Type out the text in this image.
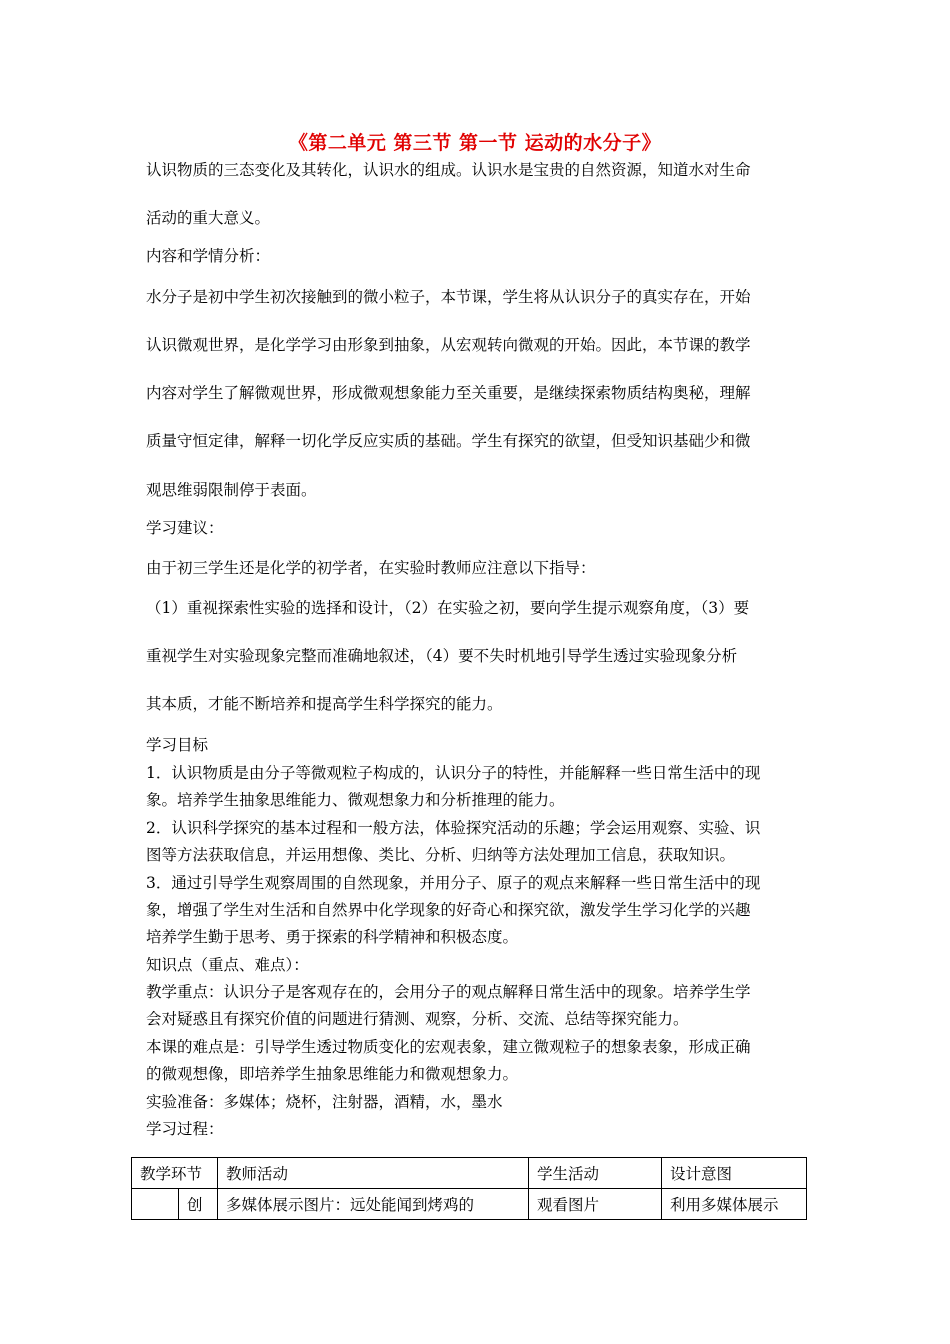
《第二单元 第三节 第一节 运动的水分子》
认识物质的三态变化及其转化，认识水的组成。认识水是宝贵的自然资源，知道水对生命
活动的重大意义。
内容和学情分析：
水分子是初中学生初次接触到的微小粒子，本节课，学生将从认识分子的真实存在，开始
认识微观世界，是化学学习由形象到抽象，从宏观转向微观的开始。因此，本节课的教学
内容对学生了解微观世界，形成微观想象能力至关重要，是继续探索物质结构奥秘，理解
质量守恒定律，解释一切化学反应实质的基础。学生有探究的欲望，但受知识基础少和微
观思维弱限制停于表面。
学习建议：
由于初三学生还是化学的初学者，在实验时教师应注意以下指导：
（1）重视探索性实验的选择和设计，（2）在实验之初，要向学生提示观察角度，（3）要
重视学生对实验现象完整而准确地叙述，（4）要不失时机地引导学生透过实验现象分析
其本质，才能不断培养和提高学生科学探究的能力。
学习目标
1．认识物质是由分子等微观粒子构成的，认识分子的特性，并能解释一些日常生活中的现
象。培养学生抽象思维能力、微观想象力和分析推理的能力。
2．认识科学探究的基本过程和一般方法，体验探究活动的乐趣；学会运用观察、实验、识
图等方法获取信息，并运用想像、类比、分析、归纳等方法处理加工信息，获取知识。
3．通过引导学生观察周围的自然现象，并用分子、原子的观点来解释一些日常生活中的现
象，增强了学生对生活和自然界中化学现象的好奇心和探究欲，激发学生学习化学的兴趣
培养学生勤于思考、勇于探索的科学精神和积极态度。
知识点（重点、难点）：
教学重点：认识分子是客观存在的，会用分子的观点解释日常生活中的现象。培养学生学
会对疑惑且有探究价值的问题进行猜测、观察，分析、交流、总结等探究能力。
本课的难点是：引导学生透过物质变化的宏观表象，建立微观粒子的想象表象，形成正确
的微观想像，即培养学生抽象思维能力和微观想象力。
实验准备：多媒体；烧杯，注射器，酒精，水，墨水
学习过程：
教学环节		教师活动	学生活动	设计意图
	创	多媒体展示图片：远处能闻到烤鸡的	观看图片	利用多媒体展示
